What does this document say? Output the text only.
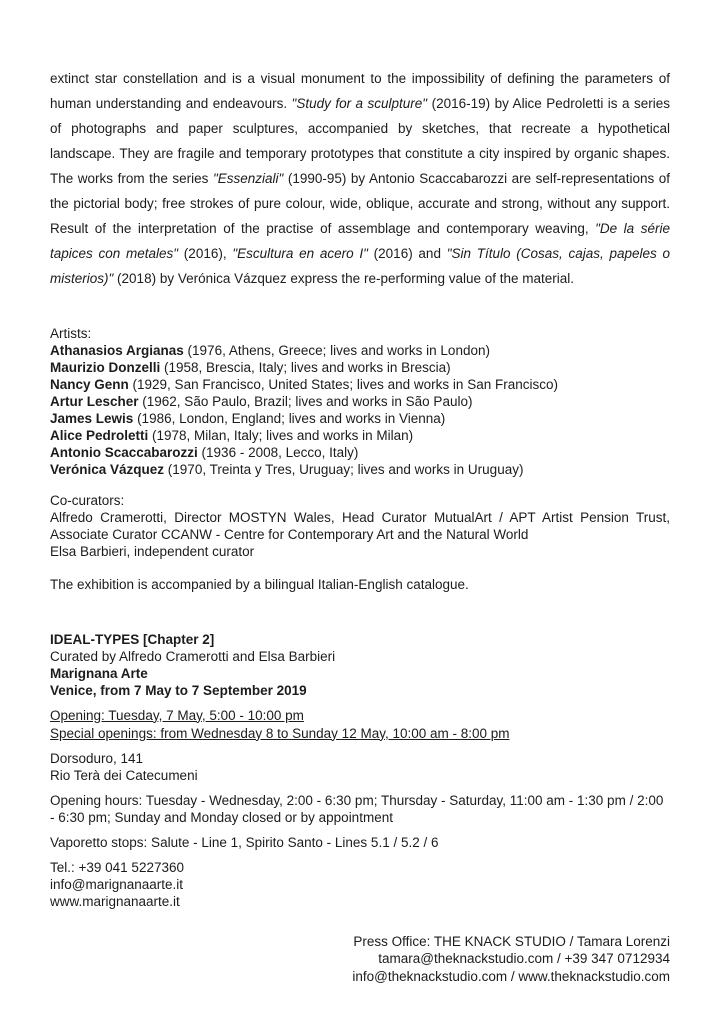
extinct star constellation and is a visual monument to the impossibility of defining the parameters of human understanding and endeavours. "Study for a sculpture" (2016-19) by Alice Pedroletti is a series of photographs and paper sculptures, accompanied by sketches, that recreate a hypothetical landscape. They are fragile and temporary prototypes that constitute a city inspired by organic shapes. The works from the series "Essenziali" (1990-95) by Antonio Scaccabarozzi are self-representations of the pictorial body; free strokes of pure colour, wide, oblique, accurate and strong, without any support. Result of the interpretation of the practise of assemblage and contemporary weaving, "De la série tapices con metales" (2016), "Escultura en acero I" (2016) and "Sin Título (Cosas, cajas, papeles o misterios)" (2018) by Verónica Vázquez express the re-performing value of the material.

Artists:
Athanasios Argianas (1976, Athens, Greece; lives and works in London)
Maurizio Donzelli (1958, Brescia, Italy; lives and works in Brescia)
Nancy Genn (1929, San Francisco, United States; lives and works in San Francisco)
Artur Lescher (1962, São Paulo, Brazil; lives and works in São Paulo)
James Lewis (1986, London, England; lives and works in Vienna)
Alice Pedroletti (1978, Milan, Italy; lives and works in Milan)
Antonio Scaccabarozzi (1936 - 2008, Lecco, Italy)
Verónica Vázquez (1970, Treinta y Tres, Uruguay; lives and works in Uruguay)
Co-curators:
Alfredo Cramerotti, Director MOSTYN Wales, Head Curator MutualArt / APT Artist Pension Trust, Associate Curator CCANW - Centre for Contemporary Art and the Natural World
Elsa Barbieri, independent curator
The exhibition is accompanied by a bilingual Italian-English catalogue.
IDEAL-TYPES [Chapter 2]
Curated by Alfredo Cramerotti and Elsa Barbieri
Marignana Arte
Venice, from 7 May to 7 September 2019
Opening: Tuesday, 7 May, 5:00 - 10:00 pm
Special openings: from Wednesday 8 to Sunday 12 May, 10:00 am - 8:00 pm
Dorsoduro, 141
Rio Terà dei Catecumeni
Opening hours: Tuesday - Wednesday, 2:00 - 6:30 pm; Thursday - Saturday, 11:00 am - 1:30 pm / 2:00 - 6:30 pm; Sunday and Monday closed or by appointment
Vaporetto stops: Salute - Line 1, Spirito Santo - Lines 5.1 / 5.2 / 6
Tel.: +39 041 5227360
info@marignanaarte.it
www.marignanaarte.it
Press Office: THE KNACK STUDIO / Tamara Lorenzi
tamara@theknackstudio.com / +39 347 0712934
info@theknackstudio.com / www.theknackstudio.com
